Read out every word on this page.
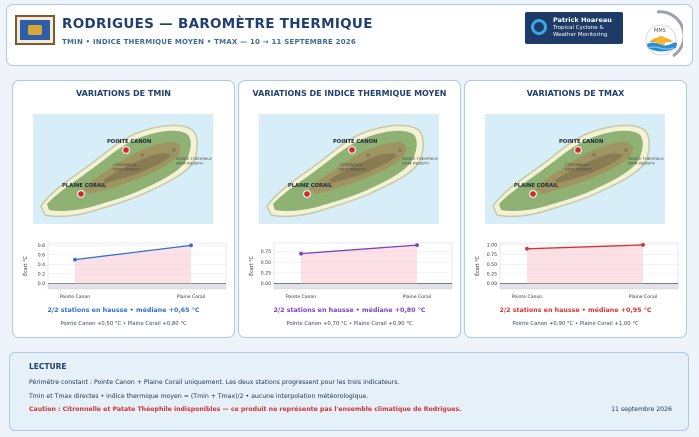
RODRIGUES — BAROMÈTRE THERMIQUE
TMIN • INDICE THERMIQUE MOYEN • TMAX — 10 → 11 SEPTEMBRE 2026
Patrick Hoareau
Tropical Cyclone &
Weather Monitoring
MMS
VARIATIONS DE TMIN
POINTE CANON
PLAINE CORAIL
×
CITRONELLE
DATA INDISPO
×
PATATE THÉOPHILE
DATA INDISPO
0.0
0.2
0.4
0.6
0.8
Pointe Canon	Plaine Corail
Écart °C
2/2 stations en hausse • médiane +0,65 °C
Pointe Canon +0,50 °C • Plaine Corail +0,80 °C
VARIATIONS DE INDICE THERMIQUE MOYEN
POINTE CANON
PLAINE CORAIL
×
CITRONELLE
DATA INDISPO
×
PATATE THÉOPHILE
DATA INDISPO
0.00
0.25
0.50
0.75
Pointe Canon	Plaine Corail
Écart °C
2/2 stations en hausse • médiane +0,80 °C
Pointe Canon +0,70 °C • Plaine Corail +0,90 °C
VARIATIONS DE TMAX
POINTE CANON
PLAINE CORAIL
×
CITRONELLE
DATA INDISPO
×
PATATE THÉOPHILE
DATA INDISPO
0.00
0.25
0.50
0.75
1.00
Pointe Canon	Plaine Corail
Écart °C
2/2 stations en hausse • médiane +0,95 °C
Pointe Canon +0,90 °C • Plaine Corail +1,00 °C
LECTURE
Périmètre constant : Pointe Canon + Plaine Corail uniquement. Les deux stations progressent pour les trois indicateurs.
Tmin et Tmax directes • indice thermique moyen = (Tmin + Tmax)/2 • aucune interpolation météorologique.
Caution : Citronnelle et Patate Théophile indisponibles — ce produit ne représente pas l'ensemble climatique de Rodrigues.	11 septembre 2026
